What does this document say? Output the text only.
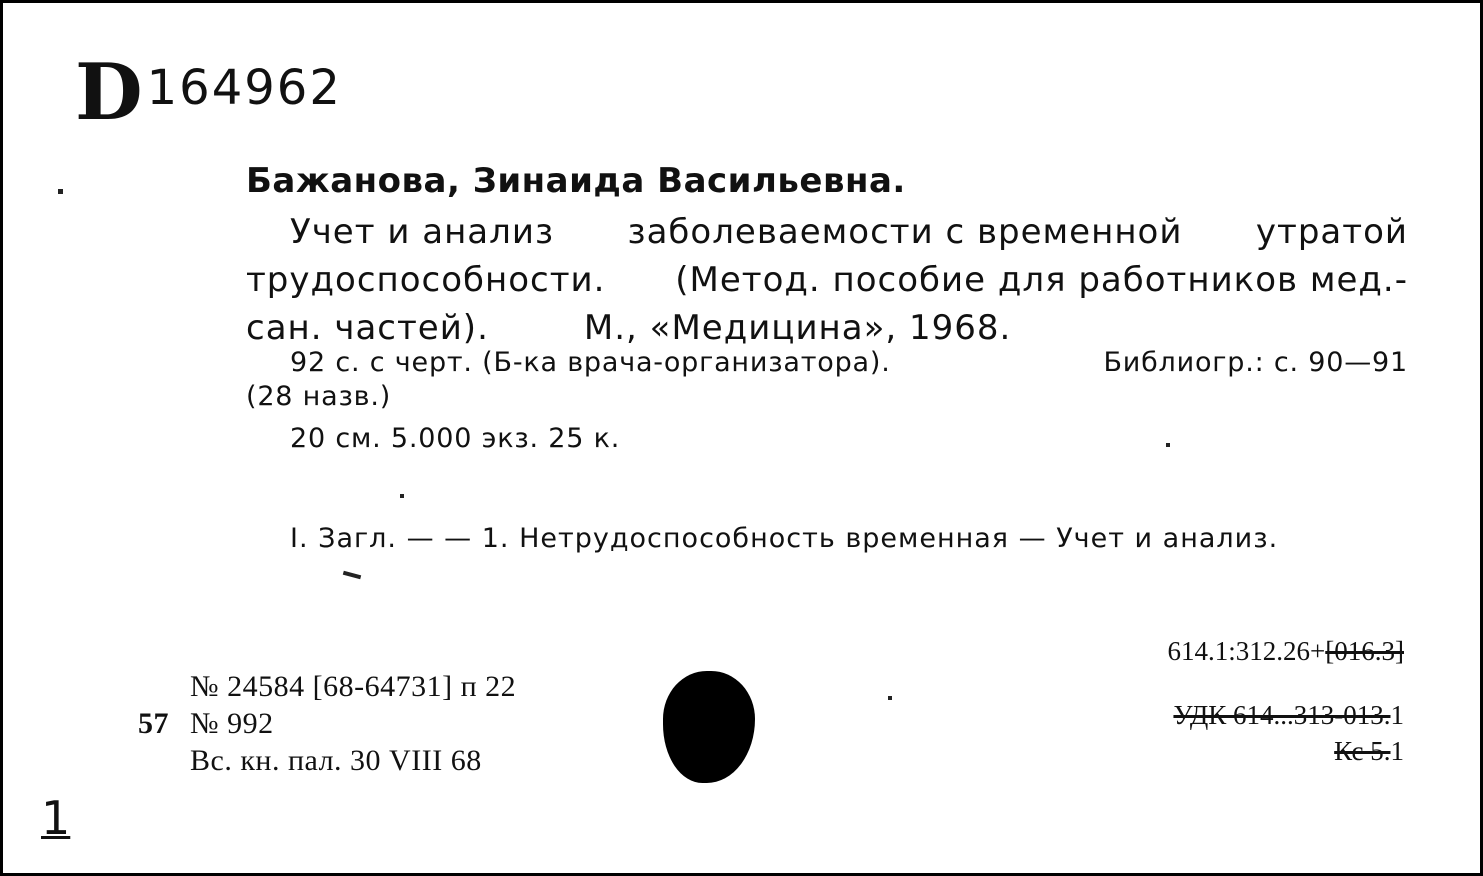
D 164962
Бажанова, Зинаида Васильевна.
Учет и анализ заболеваемости с временной утратой
трудоспособности. (Метод. пособие для работников мед.-
сан. частей).	М., «Медицина», 1968.
92 с. с черт. (Б-ка врача-организатора).	Библиогр.: с. 90—91
(28 назв.)
20 см. 5.000 экз. 25 к.
I. Загл. — — 1. Нетрудоспособность временная — Учет и анализ.
№ 24584 [68-64731] п 22
57 № 992
Вс. кн. пал. 30 VIII 68
614.1:312.26+[016.3]
УДК 614...313-013.1
Кс 5.1
1
